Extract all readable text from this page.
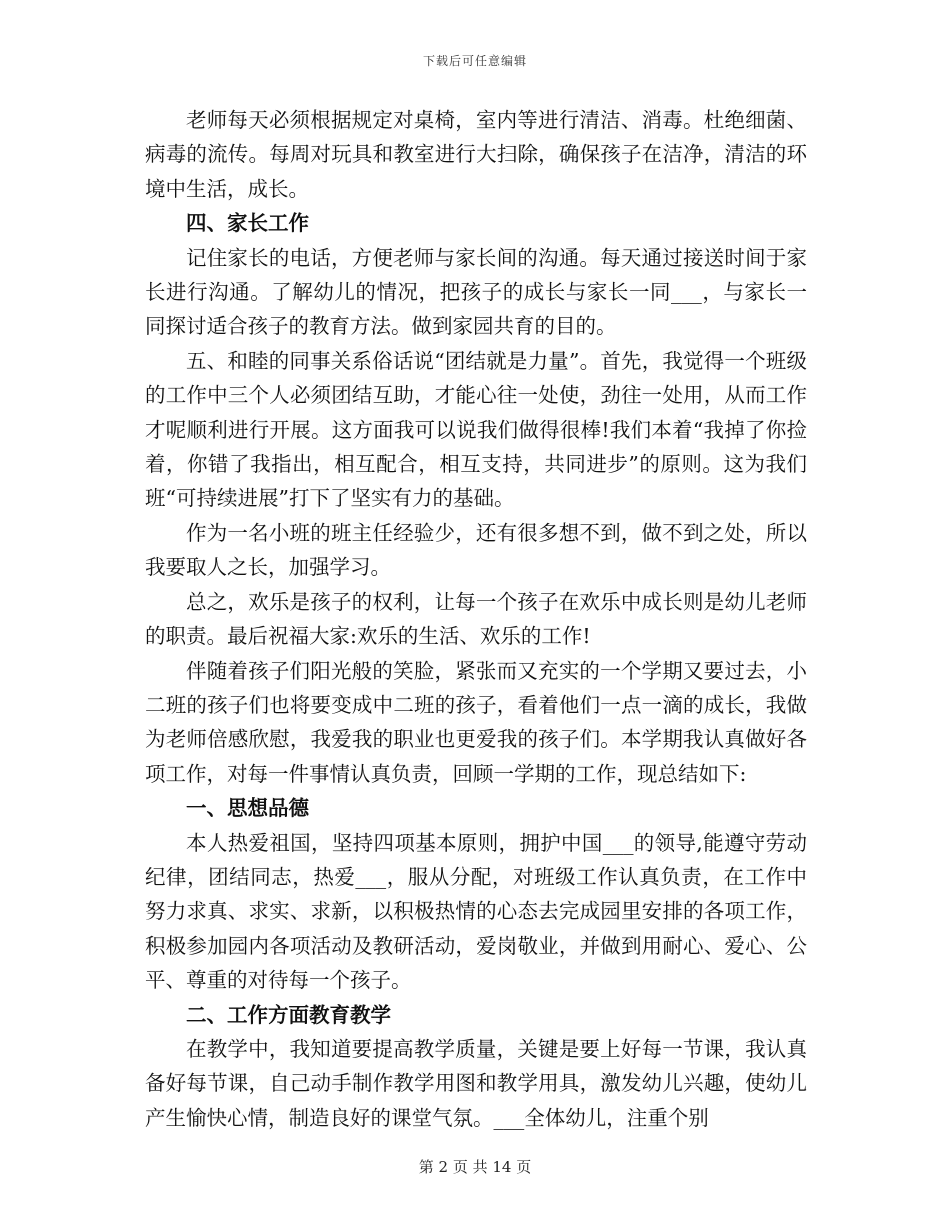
下载后可任意编辑

老师每天必须根据规定对桌椅，室内等进行清洁、消毒。杜绝细菌、病毒的流传。每周对玩具和教室进行大扫除，确保孩子在洁净，清洁的环境中生活，成长。

四、家长工作

记住家长的电话，方便老师与家长间的沟通。每天通过接送时间于家长进行沟通。了解幼儿的情况，把孩子的成长与家长一同___，与家长一同探讨适合孩子的教育方法。做到家园共育的目的。

五、和睦的同事关系俗话说“团结就是力量”。首先，我觉得一个班级的工作中三个人必须团结互助，才能心往一处使，劲往一处用，从而工作才呢顺利进行开展。这方面我可以说我们做得很棒!我们本着“我掉了你捡着，你错了我指出，相互配合，相互支持，共同进步”的原则。这为我们班“可持续进展”打下了坚实有力的基础。

作为一名小班的班主任经验少，还有很多想不到，做不到之处，所以我要取人之长，加强学习。

总之，欢乐是孩子的权利，让每一个孩子在欢乐中成长则是幼儿老师的职责。最后祝福大家:欢乐的生活、欢乐的工作!

伴随着孩子们阳光般的笑脸，紧张而又充实的一个学期又要过去，小二班的孩子们也将要变成中二班的孩子，看着他们一点一滴的成长，我做为老师倍感欣慰，我爱我的职业也更爱我的孩子们。本学期我认真做好各项工作，对每一件事情认真负责，回顾一学期的工作，现总结如下:

一、思想品德

本人热爱祖国，坚持四项基本原则，拥护中国___的领导,能遵守劳动纪律，团结同志，热爱___，服从分配，对班级工作认真负责，在工作中努力求真、求实、求新，以积极热情的心态去完成园里安排的各项工作，积极参加园内各项活动及教研活动，爱岗敬业，并做到用耐心、爱心、公平、尊重的对待每一个孩子。

二、工作方面教育教学

在教学中，我知道要提高教学质量，关键是要上好每一节课，我认真备好每节课，自己动手制作教学用图和教学用具，激发幼儿兴趣，使幼儿产生愉快心情，制造良好的课堂气氛。___全体幼儿，注重个别

第 2 页 共 14 页
